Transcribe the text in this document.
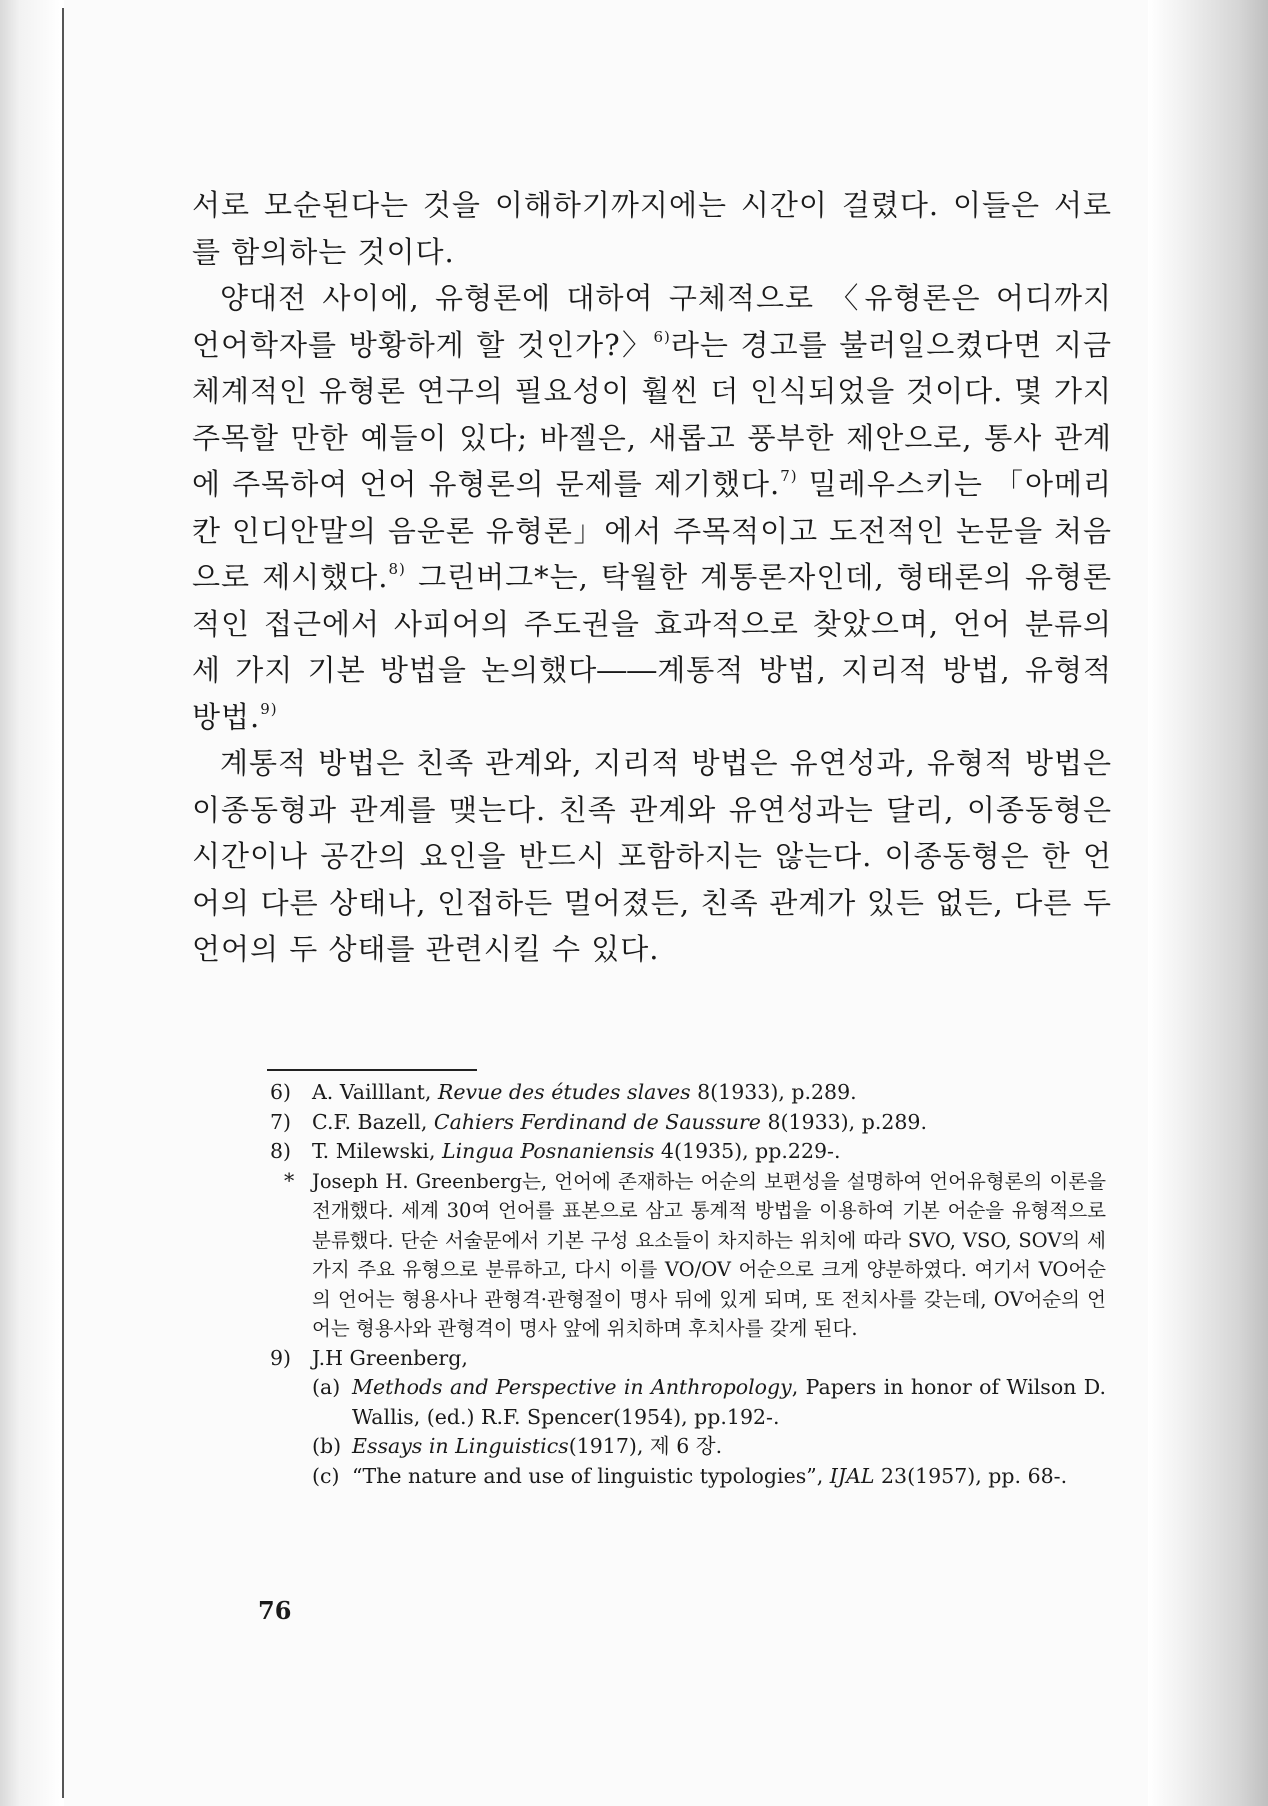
서로 모순된다는 것을 이해하기까지에는 시간이 걸렸다. 이들은 서로를 함의하는 것이다.

양대전 사이에, 유형론에 대하여 구체적으로 〈유형론은 어디까지 언어학자를 방황하게 할 것인가?〉$^{6)}$라는 경고를 불러일으켰다면 지금 체계적인 유형론 연구의 필요성이 훨씬 더 인식되었을 것이다. 몇 가지 주목할 만한 예들이 있다; 바젤은, 새롭고 풍부한 제안으로, 통사 관계에 주목하여 언어 유형론의 문제를 제기했다.$^{7)}$ 밀레우스키는 「아메리칸 인디안말의 음운론 유형론」에서 주목적이고 도전적인 논문을 처음으로 제시했다.$^{8)}$ 그린버그*는, 탁월한 계통론자인데, 형태론의 유형론적인 접근에서 사피어의 주도권을 효과적으로 찾았으며, 언어 분류의 세 가지 기본 방법을 논의했다――계통적 방법, 지리적 방법, 유형적 방법.$^{9)}$

계통적 방법은 친족 관계와, 지리적 방법은 유연성과, 유형적 방법은 이종동형과 관계를 맺는다. 친족 관계와 유연성과는 달리, 이종동형은 시간이나 공간의 요인을 반드시 포함하지는 않는다. 이종동형은 한 언어의 다른 상태나, 인접하든 멀어졌든, 친족 관계가 있든 없든, 다른 두 언어의 두 상태를 관련시킬 수 있다.

6)	A. Vailllant, Revue des études slaves 8(1933), p.289.

7)	C.F. Bazell, Cahiers Ferdinand de Saussure 8(1933), p.289.

8)	T. Milewski, Lingua Posnaniensis 4(1935), pp.229-.

* Joseph H. Greenberg는, 언어에 존재하는 어순의 보편성을 설명하여 언어유형론의 이론을 전개했다. 세계 30여 언어를 표본으로 삼고 통계적 방법을 이용하여 기본 어순을 유형적으로 분류했다. 단순 서술문에서 기본 구성 요소들이 차지하는 위치에 따라 SVO, VSO, SOV의 세 가지 주요 유형으로 분류하고, 다시 이를 VO/OV 어순으로 크게 양분하였다. 여기서 VO어순의 언어는 형용사나 관형격·관형절이 명사 뒤에 있게 되며, 또 전치사를 갖는데, OV어순의 언어는 형용사와 관형격이 명사 앞에 위치하며 후치사를 갖게 된다.

9)	J.H Greenberg,

(a) Methods and Perspective in Anthropology, Papers in honor of Wilson D. Wallis, (ed.) R.F. Spencer(1954), pp.192-.

(b) Essays in Linguistics(1917), 제 6 장.

(c) “The nature and use of linguistic typologies”, IJAL 23(1957), pp. 68-.

76
